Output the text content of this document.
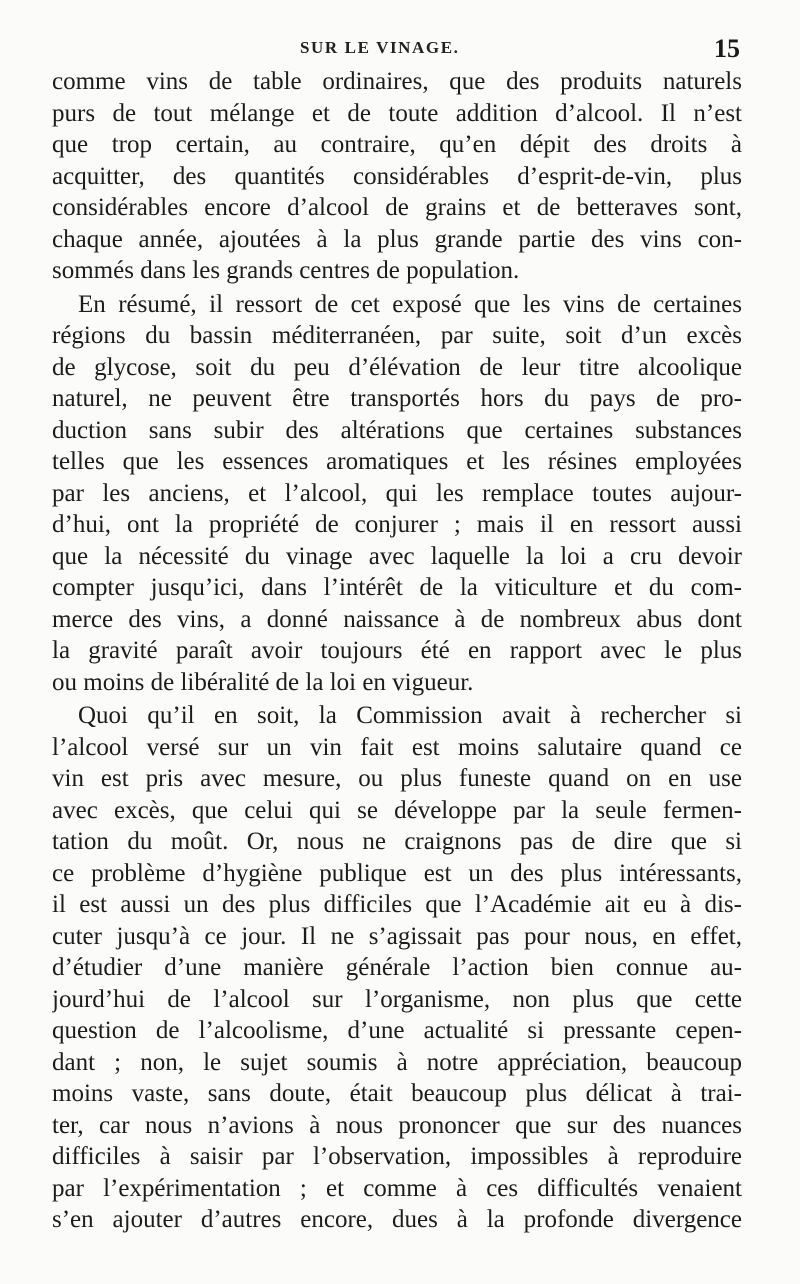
SUR LE VINAGE.	15
comme vins de table ordinaires, que des produits naturels
purs de tout mélange et de toute addition d’alcool. Il n’est
que trop certain, au contraire, qu’en dépit des droits à
acquitter, des quantités considérables d’esprit-de-vin, plus
considérables encore d’alcool de grains et de betteraves sont,
chaque année, ajoutées à la plus grande partie des vins con-
sommés dans les grands centres de population.
En résumé, il ressort de cet exposé que les vins de certaines
régions du bassin méditerranéen, par suite, soit d’un excès
de glycose, soit du peu d’élévation de leur titre alcoolique
naturel, ne peuvent être transportés hors du pays de pro-
duction sans subir des altérations que certaines substances
telles que les essences aromatiques et les résines employées
par les anciens, et l’alcool, qui les remplace toutes aujour-
d’hui, ont la propriété de conjurer ; mais il en ressort aussi
que la nécessité du vinage avec laquelle la loi a cru devoir
compter jusqu’ici, dans l’intérêt de la viticulture et du com-
merce des vins, a donné naissance à de nombreux abus dont
la gravité paraît avoir toujours été en rapport avec le plus
ou moins de libéralité de la loi en vigueur.
Quoi qu’il en soit, la Commission avait à rechercher si
l’alcool versé sur un vin fait est moins salutaire quand ce
vin est pris avec mesure, ou plus funeste quand on en use
avec excès, que celui qui se développe par la seule fermen-
tation du moût. Or, nous ne craignons pas de dire que si
ce problème d’hygiène publique est un des plus intéressants,
il est aussi un des plus difficiles que l’Académie ait eu à dis-
cuter jusqu’à ce jour. Il ne s’agissait pas pour nous, en effet,
d’étudier d’une manière générale l’action bien connue au-
jourd’hui de l’alcool sur l’organisme, non plus que cette
question de l’alcoolisme, d’une actualité si pressante cepen-
dant ; non, le sujet soumis à notre appréciation, beaucoup
moins vaste, sans doute, était beaucoup plus délicat à trai-
ter, car nous n’avions à nous prononcer que sur des nuances
difficiles à saisir par l’observation, impossibles à reproduire
par l’expérimentation ; et comme à ces difficultés venaient
s’en ajouter d’autres encore, dues à la profonde divergence
